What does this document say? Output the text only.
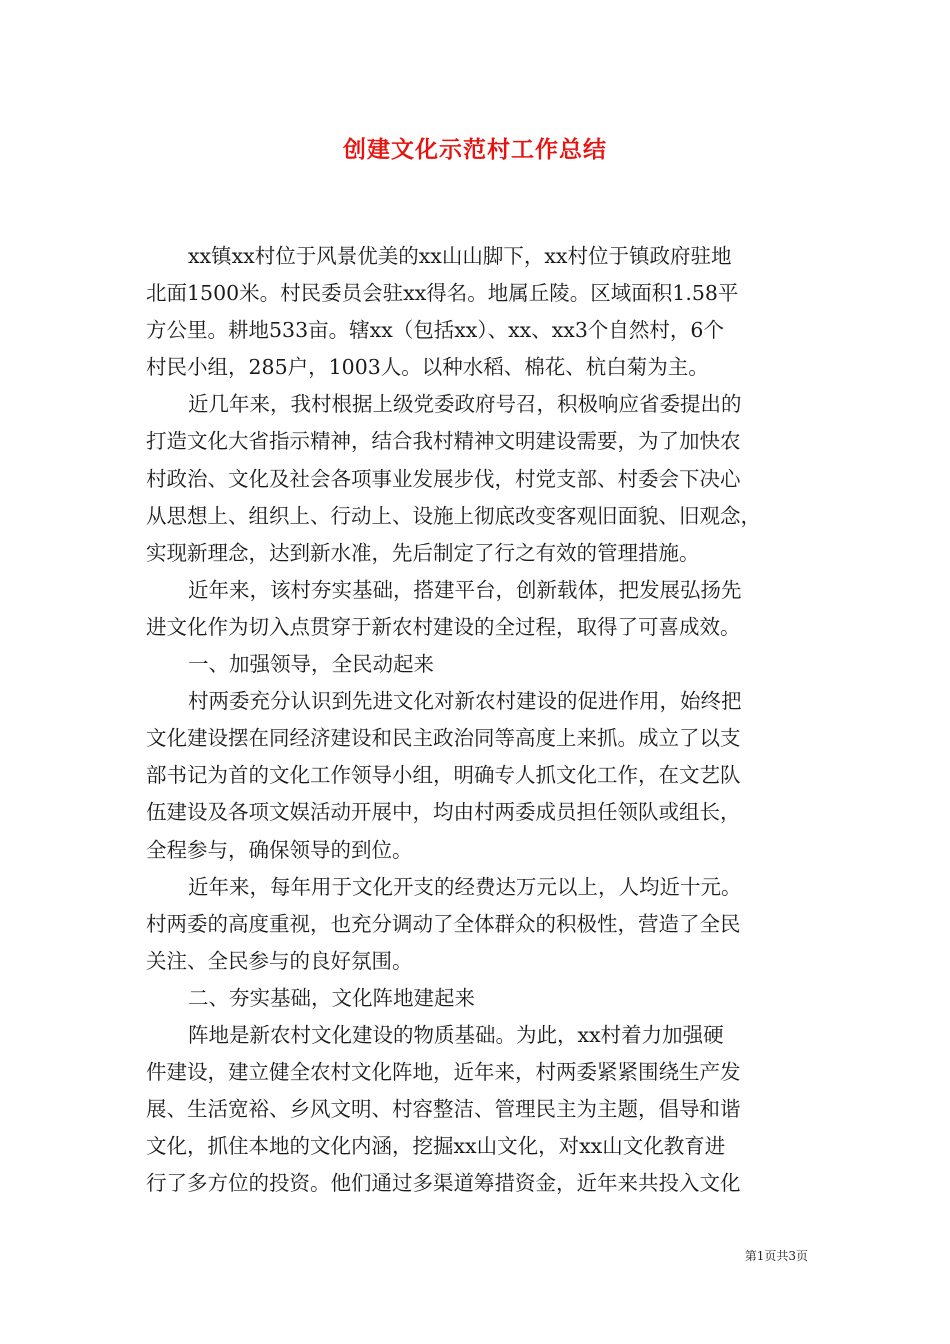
创建文化示范村工作总结
xx镇xx村位于风景优美的xx山山脚下，xx村位于镇政府驻地
北面1500米。村民委员会驻xx得名。地属丘陵。区域面积1.58平
方公里。耕地533亩。辖xx（包括xx）、xx、xx3个自然村，6个
村民小组，285户，1003人。以种水稻、棉花、杭白菊为主。
近几年来，我村根据上级党委政府号召，积极响应省委提出的
打造文化大省指示精神，结合我村精神文明建设需要，为了加快农
村政治、文化及社会各项事业发展步伐，村党支部、村委会下决心
从思想上、组织上、行动上、设施上彻底改变客观旧面貌、旧观念，
实现新理念，达到新水准，先后制定了行之有效的管理措施。
近年来，该村夯实基础，搭建平台，创新载体，把发展弘扬先
进文化作为切入点贯穿于新农村建设的全过程，取得了可喜成效。
一、加强领导，全民动起来
村两委充分认识到先进文化对新农村建设的促进作用，始终把
文化建设摆在同经济建设和民主政治同等高度上来抓。成立了以支
部书记为首的文化工作领导小组，明确专人抓文化工作，在文艺队
伍建设及各项文娱活动开展中，均由村两委成员担任领队或组长，
全程参与，确保领导的到位。
近年来，每年用于文化开支的经费达万元以上，人均近十元。
村两委的高度重视，也充分调动了全体群众的积极性，营造了全民
关注、全民参与的良好氛围。
二、夯实基础，文化阵地建起来
阵地是新农村文化建设的物质基础。为此，xx村着力加强硬
件建设，建立健全农村文化阵地，近年来，村两委紧紧围绕生产发
展、生活宽裕、乡风文明、村容整洁、管理民主为主题，倡导和谐
文化，抓住本地的文化内涵，挖掘xx山文化，对xx山文化教育进
行了多方位的投资。他们通过多渠道筹措资金，近年来共投入文化
第1页共3页
